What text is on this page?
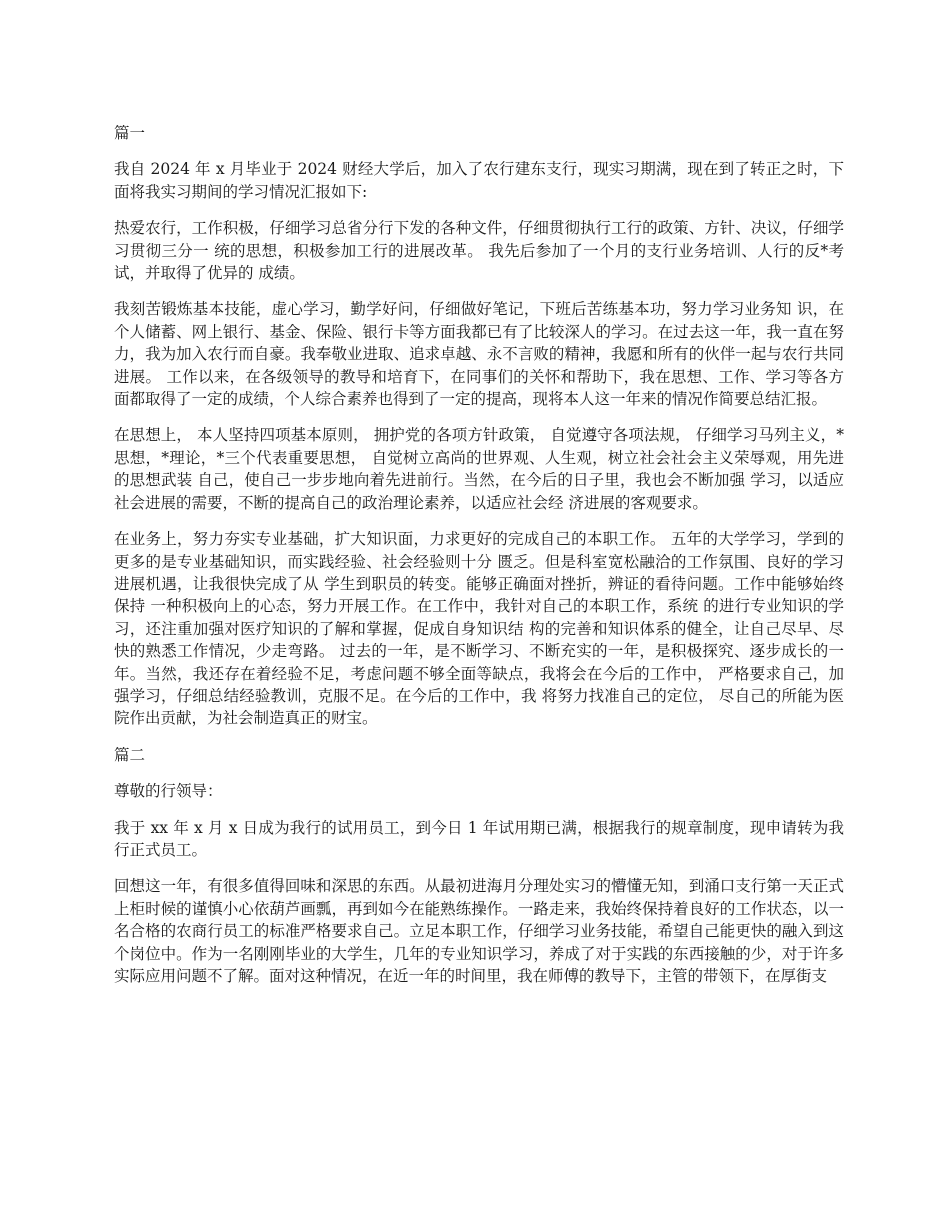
篇一

我自 2024 年 x 月毕业于 2024 财经大学后，加入了农行建东支行，现实习期满，现在到了转正之时，下面将我实习期间的学习情况汇报如下:

热爱农行，工作积极，仔细学习总省分行下发的各种文件，仔细贯彻执行工行的政策、方针、决议，仔细学习贯彻三分一 统的思想，积极参加工行的进展改革。 我先后参加了一个月的支行业务培训、人行的反*考试，并取得了优异的 成绩。

我刻苦锻炼基本技能，虚心学习，勤学好问，仔细做好笔记，下班后苦练基本功，努力学习业务知 识，在个人储蓄、网上银行、基金、保险、银行卡等方面我都已有了比较深人的学习。在过去这一年，我一直在努力，我为加入农行而自豪。我奉敬业进取、追求卓越、永不言败的精神，我愿和所有的伙伴一起与农行共同进展。 工作以来，在各级领导的教导和培育下，在同事们的关怀和帮助下，我在思想、工作、学习等各方面都取得了一定的成绩，个人综合素养也得到了一定的提高，现将本人这一年来的情况作简要总结汇报。

在思想上， 本人坚持四项基本原则， 拥护党的各项方针政策， 自觉遵守各项法规， 仔细学习马列主义，*思想，*理论，*三个代表重要思想， 自觉树立高尚的世界观、人生观，树立社会社会主义荣辱观，用先进的思想武装 自己，使自己一步步地向着先进前行。当然，在今后的日子里，我也会不断加强 学习，以适应社会进展的需要，不断的提高自己的政治理论素养，以适应社会经 济进展的客观要求。

在业务上，努力夯实专业基础，扩大知识面，力求更好的完成自己的本职工作。 五年的大学学习，学到的更多的是专业基础知识，而实践经验、社会经验则十分 匮乏。但是科室宽松融洽的工作氛围、良好的学习进展机遇，让我很快完成了从 学生到职员的转变。能够正确面对挫折，辨证的看待问题。工作中能够始终保持 一种积极向上的心态，努力开展工作。在工作中，我针对自己的本职工作，系统 的进行专业知识的学习，还注重加强对医疗知识的了解和掌握，促成自身知识结 构的完善和知识体系的健全，让自己尽早、尽快的熟悉工作情况，少走弯路。 过去的一年，是不断学习、不断充实的一年，是积极探究、逐步成长的一年。当然，我还存在着经验不足，考虑问题不够全面等缺点，我将会在今后的工作中， 严格要求自己，加强学习，仔细总结经验教训，克服不足。在今后的工作中，我 将努力找准自己的定位， 尽自己的所能为医院作出贡献，为社会制造真正的财宝。

篇二

尊敬的行领导：

我于 xx 年 x 月 x 日成为我行的试用员工，到今日 1 年试用期已满，根据我行的规章制度，现申请转为我行正式员工。

回想这一年，有很多值得回味和深思的东西。从最初进海月分理处实习的懵懂无知，到涌口支行第一天正式上柜时候的谨慎小心依葫芦画瓢，再到如今在能熟练操作。一路走来，我始终保持着良好的工作状态，以一名合格的农商行员工的标准严格要求自己。立足本职工作，仔细学习业务技能，希望自己能更快的融入到这个岗位中。作为一名刚刚毕业的大学生，几年的专业知识学习，养成了对于实践的东西接触的少，对于许多实际应用问题不了解。面对这种情况，在近一年的时间里，我在师傅的教导下，主管的带领下，在厚街支
